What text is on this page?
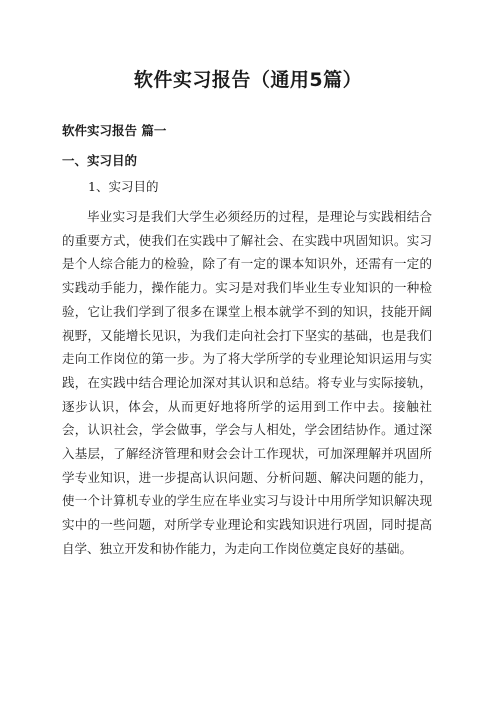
软件实习报告（通用5篇）
软件实习报告 篇一
一、实习目的
1、实习目的

毕业实习是我们大学生必须经历的过程，是理论与实践相结合的重要方式，使我们在实践中了解社会、在实践中巩固知识。实习是个人综合能力的检验，除了有一定的课本知识外，还需有一定的实践动手能力，操作能力。实习是对我们毕业生专业知识的一种检验，它让我们学到了很多在课堂上根本就学不到的知识，技能开阔视野，又能增长见识，为我们走向社会打下坚实的基础，也是我们走向工作岗位的第一步。为了将大学所学的专业理论知识运用与实践，在实践中结合理论加深对其认识和总结。将专业与实际接轨，逐步认识，体会，从而更好地将所学的运用到工作中去。接触社会，认识社会，学会做事，学会与人相处，学会团结协作。通过深入基层，了解经济管理和财会会计工作现状，可加深理解并巩固所学专业知识，进一步提高认识问题、分析问题、解决问题的能力，使一个计算机专业的学生应在毕业实习与设计中用所学知识解决现实中的一些问题，对所学专业理论和实践知识进行巩固，同时提高自学、独立开发和协作能力，为走向工作岗位奠定良好的基础。
